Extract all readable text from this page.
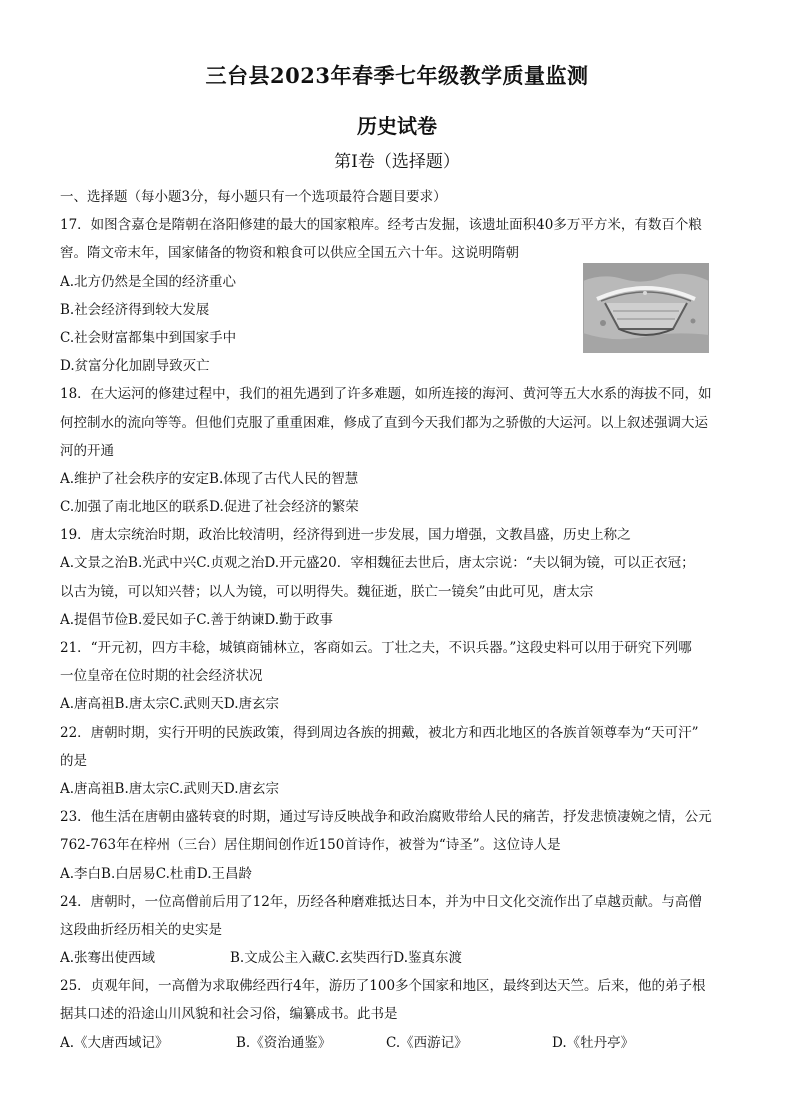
三台县2023年春季七年级教学质量监测
历史试卷
第Ⅰ卷（选择题）
一、选择题（每小题3分，每小题只有一个选项最符合题目要求）
17．如图含嘉仓是隋朝在洛阳修建的最大的国家粮库。经考古发掘，该遗址面积40多万平方米，有数百个粮
窖。隋文帝末年，国家储备的物资和粮食可以供应全国五六十年。这说明隋朝
A.北方仍然是全国的经济重心
B.社会经济得到较大发展
C.社会财富都集中到国家手中
D.贫富分化加剧导致灭亡
18．在大运河的修建过程中，我们的祖先遇到了许多难题，如所连接的海河、黄河等五大水系的海拔不同，如
何控制水的流向等等。但他们克服了重重困难，修成了直到今天我们都为之骄傲的大运河。以上叙述强调大运
河的开通
A.维护了社会秩序的安定B.体现了古代人民的智慧
C.加强了南北地区的联系D.促进了社会经济的繁荣
19．唐太宗统治时期，政治比较清明，经济得到进一步发展，国力增强，文教昌盛，历史上称之
A.文景之治B.光武中兴C.贞观之治D.开元盛20．宰相魏征去世后，唐太宗说：“夫以铜为镜，可以正衣冠；
以古为镜，可以知兴替；以人为镜，可以明得失。魏征逝，朕亡一镜矣”由此可见，唐太宗
A.提倡节俭B.爱民如子C.善于纳谏D.勤于政事
21．“开元初，四方丰稔，城镇商铺林立，客商如云。丁壮之夫，不识兵器。”这段史料可以用于研究下列哪
一位皇帝在位时期的社会经济状况
A.唐高祖B.唐太宗C.武则天D.唐玄宗
22．唐朝时期，实行开明的民族政策，得到周边各族的拥戴，被北方和西北地区的各族首领尊奉为“天可汗”
的是
A.唐高祖B.唐太宗C.武则天D.唐玄宗
23．他生活在唐朝由盛转衰的时期，通过写诗反映战争和政治腐败带给人民的痛苦，抒发悲愤凄婉之情，公元
762-763年在梓州（三台）居住期间创作近150首诗作，被誉为“诗圣”。这位诗人是
A.李白B.白居易C.杜甫D.王昌龄
24．唐朝时，一位高僧前后用了12年，历经各种磨难抵达日本，并为中日文化交流作出了卓越贡献。与高僧
这段曲折经历相关的史实是
A.张骞出使西域	B.文成公主入藏C.玄奘西行D.鉴真东渡
25．贞观年间，一高僧为求取佛经西行4年，游历了100多个国家和地区，最终到达天竺。后来，他的弟子根
据其口述的沿途山川风貌和社会习俗，编纂成书。此书是
A.《大唐西域记》	B.《资治通鉴》	C.《西游记》	D.《牡丹亭》
